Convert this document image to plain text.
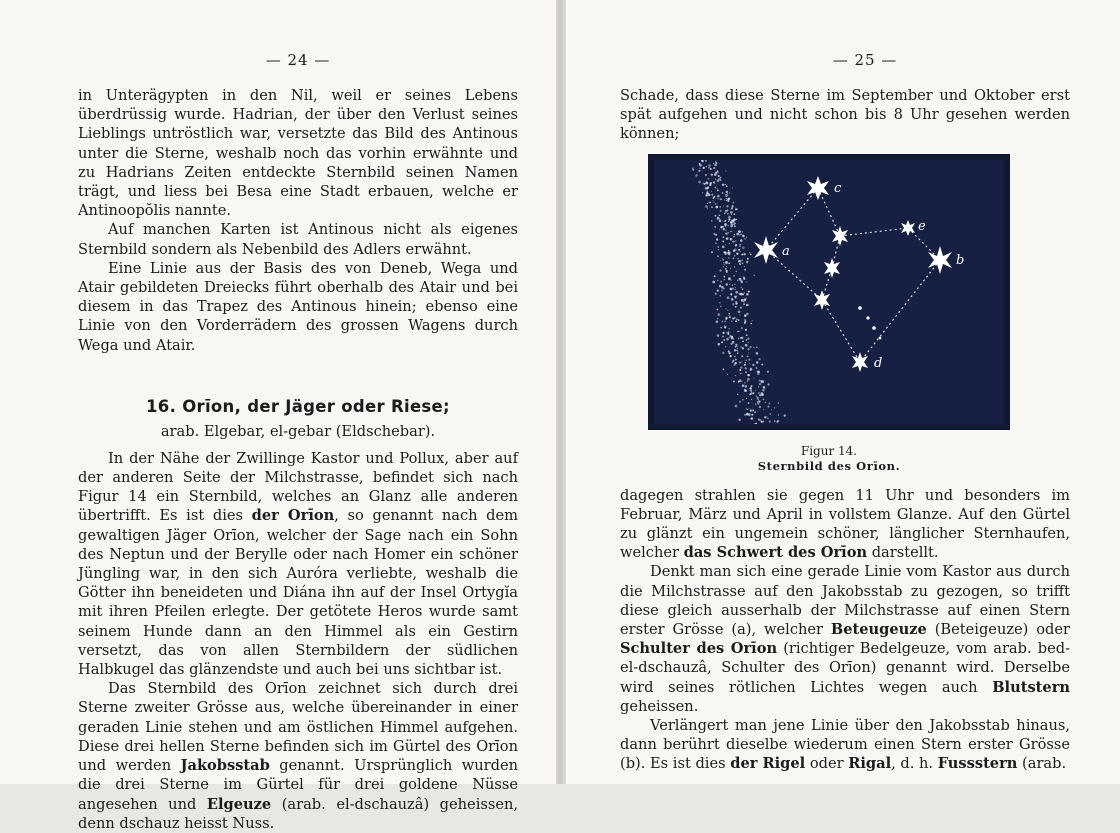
— 24 —

in Unterägypten in den Nil, weil er seines Lebens überdrüssig wurde. Hadrian, der über den Verlust seines Lieblings untröstlich war, versetzte das Bild des Antinous unter die Sterne, weshalb noch das vorhin erwähnte und zu Hadrians Zeiten entdeckte Sternbild seinen Namen trägt, und liess bei Besa eine Stadt erbauen, welche er Antinoopŏlis nannte.

Auf manchen Karten ist Antinous nicht als eigenes Sternbild sondern als Nebenbild des Adlers erwähnt.

Eine Linie aus der Basis des von Deneb, Wega und Atair gebildeten Dreiecks führt oberhalb des Atair und bei diesem in das Trapez des Antinous hinein; ebenso eine Linie von den Vorderrädern des grossen Wagens durch Wega und Atair.

16. Orīon, der Jäger oder Riese;
arab. Elgebar, el-gebar (Eldschebar).

In der Nähe der Zwillinge Kastor und Pollux, aber auf der anderen Seite der Milchstrasse, befindet sich nach Figur 14 ein Sternbild, welches an Glanz alle anderen übertrifft. Es ist dies der Orīon, so genannt nach dem gewaltigen Jäger Orīon, welcher der Sage nach ein Sohn des Neptun und der Berylle oder nach Homer ein schöner Jüngling war, in den sich Auróra verliebte, weshalb die Götter ihn beneideten und Diána ihn auf der Insel Ortygĭa mit ihren Pfeilen erlegte. Der getötete Heros wurde samt seinem Hunde dann an den Himmel als ein Gestirn versetzt, das von allen Sternbildern der südlichen Halbkugel das glänzendste und auch bei uns sichtbar ist.

Das Sternbild des Orīon zeichnet sich durch drei Sterne zweiter Grösse aus, welche übereinander in einer geraden Linie stehen und am östlichen Himmel aufgehen. Diese drei hellen Sterne befinden sich im Gürtel des Orīon und werden Jakobsstab genannt. Ursprünglich wurden die drei Sterne im Gürtel für drei goldene Nüsse angesehen und Elgeuze (arab. el-dschauzâ) geheissen, denn dschauz heisst Nuss.

— 25 —

Schade, dass diese Sterne im September und Oktober erst spät aufgehen und nicht schon bis 8 Uhr gesehen werden können;

a
c
b
e
d
Figur 14.
Sternbild des Orīon.

dagegen strahlen sie gegen 11 Uhr und besonders im Februar, März und April in vollstem Glanze. Auf den Gürtel zu glänzt ein ungemein schöner, länglicher Sternhaufen, welcher das Schwert des Orīon darstellt.

Denkt man sich eine gerade Linie vom Kastor aus durch die Milchstrasse auf den Jakobsstab zu gezogen, so trifft diese gleich ausserhalb der Milchstrasse auf einen Stern erster Grösse (a), welcher Beteugeuze (Beteigeuze) oder Schulter des Orīon (richtiger Bedelgeuze, vom arab. bed-el-dschauzâ, Schulter des Orīon) genannt wird. Derselbe wird seines rötlichen Lichtes wegen auch Blutstern geheissen.

Verlängert man jene Linie über den Jakobsstab hinaus, dann berührt dieselbe wiederum einen Stern erster Grösse (b). Es ist dies der Rigel oder Rigal, d. h. Fussstern (arab.
